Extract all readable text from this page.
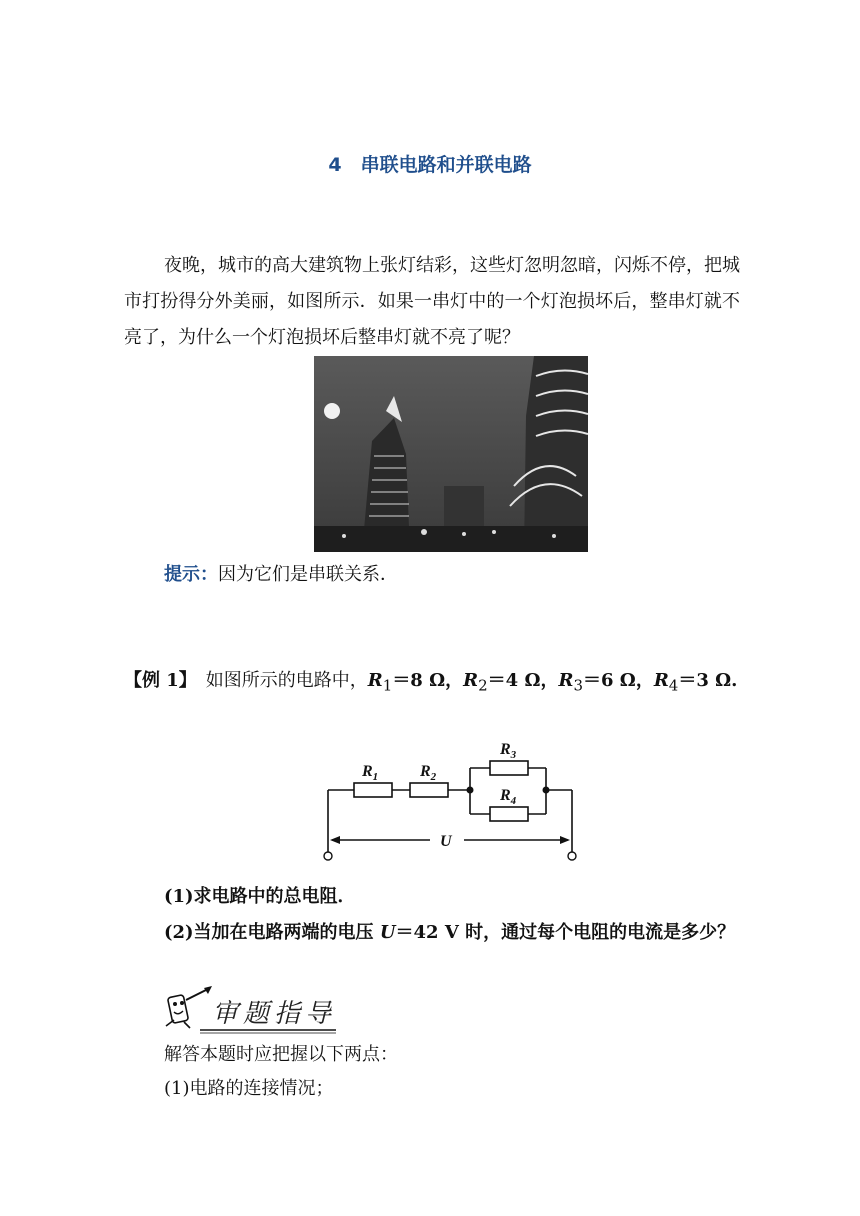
4　串联电路和并联电路
夜晚，城市的高大建筑物上张灯结彩，这些灯忽明忽暗，闪烁不停，把城市打扮得分外美丽，如图所示．如果一串灯中的一个灯泡损坏后，整串灯就不亮了，为什么一个灯泡损坏后整串灯就不亮了呢？
提示：因为它们是串联关系．
【例 1】　如图所示的电路中，$R_1=8$ Ω，$R_2=4$ Ω，$R_3=6$ Ω，$R_4=3$ Ω.
$R_1$	$R_2$
$R_3$
$R_4$
U
(1)求电路中的总电阻．
(2)当加在电路两端的电压 U＝42 V 时，通过每个电阻的电流是多少？
审题指导
解答本题时应把握以下两点：
(1)电路的连接情况；
